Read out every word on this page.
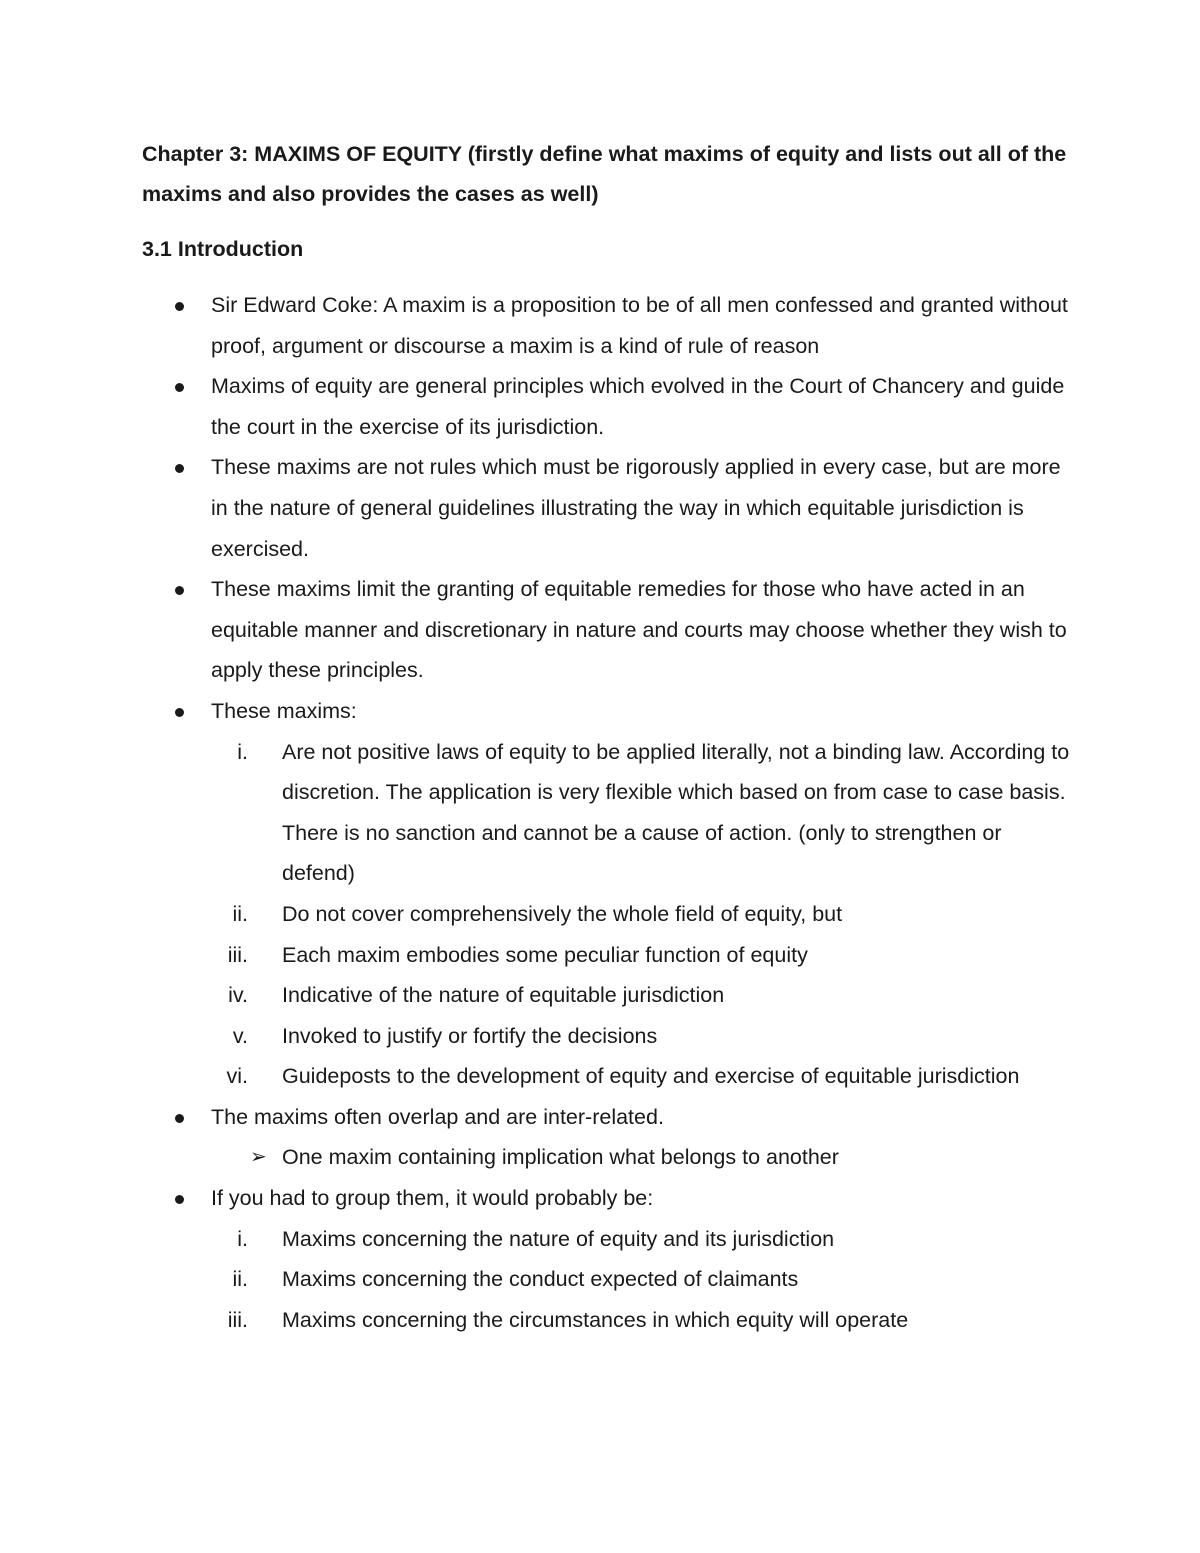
Chapter 3: MAXIMS OF EQUITY (firstly define what maxims of equity and lists out all of the maxims and also provides the cases as well)
3.1 Introduction
Sir Edward Coke: A maxim is a proposition to be of all men confessed and granted without proof, argument or discourse a maxim is a kind of rule of reason
Maxims of equity are general principles which evolved in the Court of Chancery and guide the court in the exercise of its jurisdiction.
These maxims are not rules which must be rigorously applied in every case, but are more in the nature of general guidelines illustrating the way in which equitable jurisdiction is exercised.
These maxims limit the granting of equitable remedies for those who have acted in an equitable manner and discretionary in nature and courts may choose whether they wish to apply these principles.
These maxims:
i. Are not positive laws of equity to be applied literally, not a binding law. According to discretion. The application is very flexible which based on from case to case basis. There is no sanction and cannot be a cause of action. (only to strengthen or defend)
ii. Do not cover comprehensively the whole field of equity, but
iii. Each maxim embodies some peculiar function of equity
iv. Indicative of the nature of equitable jurisdiction
v. Invoked to justify or fortify the decisions
vi. Guideposts to the development of equity and exercise of equitable jurisdiction
The maxims often overlap and are inter-related.
➢ One maxim containing implication what belongs to another
If you had to group them, it would probably be:
i. Maxims concerning the nature of equity and its jurisdiction
ii. Maxims concerning the conduct expected of claimants
iii. Maxims concerning the circumstances in which equity will operate
